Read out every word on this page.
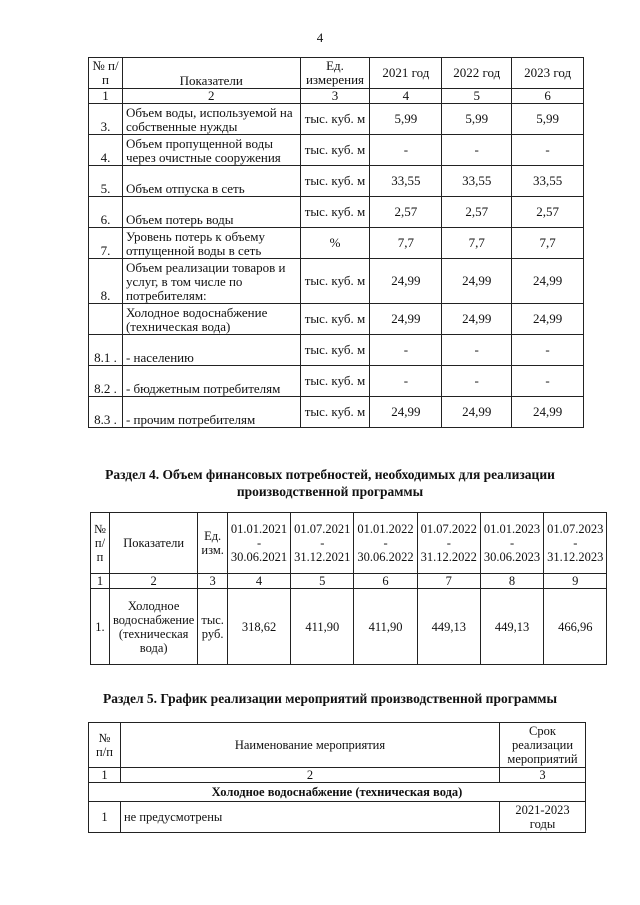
4
№ п/п	Показатели	Ед. измерения	2021 год	2022 год	2023 год
1	2	3	4	5	6
3.	Объем воды, используемой на собственные нужды	тыс. куб. м	5,99	5,99	5,99
4.	Объем пропущенной воды через очистные сооружения	тыс. куб. м	-	-	-
5.	Объем отпуска в сеть	тыс. куб. м	33,55	33,55	33,55
6.	Объем потерь воды	тыс. куб. м	2,57	2,57	2,57
7.	Уровень потерь к объему отпущенной воды в сеть	%	7,7	7,7	7,7
8.	Объем реализации товаров и услуг, в том числе по потребителям:	тыс. куб. м	24,99	24,99	24,99
	Холодное водоснабжение (техническая вода)	тыс. куб. м	24,99	24,99	24,99
8.1 .	- населению	тыс. куб. м	-	-	-
8.2 .	- бюджетным потребителям	тыс. куб. м	-	-	-
8.3 .	- прочим потребителям	тыс. куб. м	24,99	24,99	24,99
Раздел 4. Объем финансовых потребностей, необходимых для реализации производственной программы
№ п/п	Показатели	Ед. изм.	01.01.2021 - 30.06.2021	01.07.2021 - 31.12.2021	01.01.2022 - 30.06.2022	01.07.2022 - 31.12.2022	01.01.2023 - 30.06.2023	01.07.2023 - 31.12.2023
1	2	3	4	5	6	7	8	9
1.	Холодное водоснабжение (техническая вода)	тыс. руб.	318,62	411,90	411,90	449,13	449,13	466,96
Раздел 5. График реализации мероприятий производственной программы
№ п/п	Наименование мероприятия	Срок реализации мероприятий
1	2	3
Холодное водоснабжение (техническая вода)		
1	не предусмотрены	2021-2023 годы
